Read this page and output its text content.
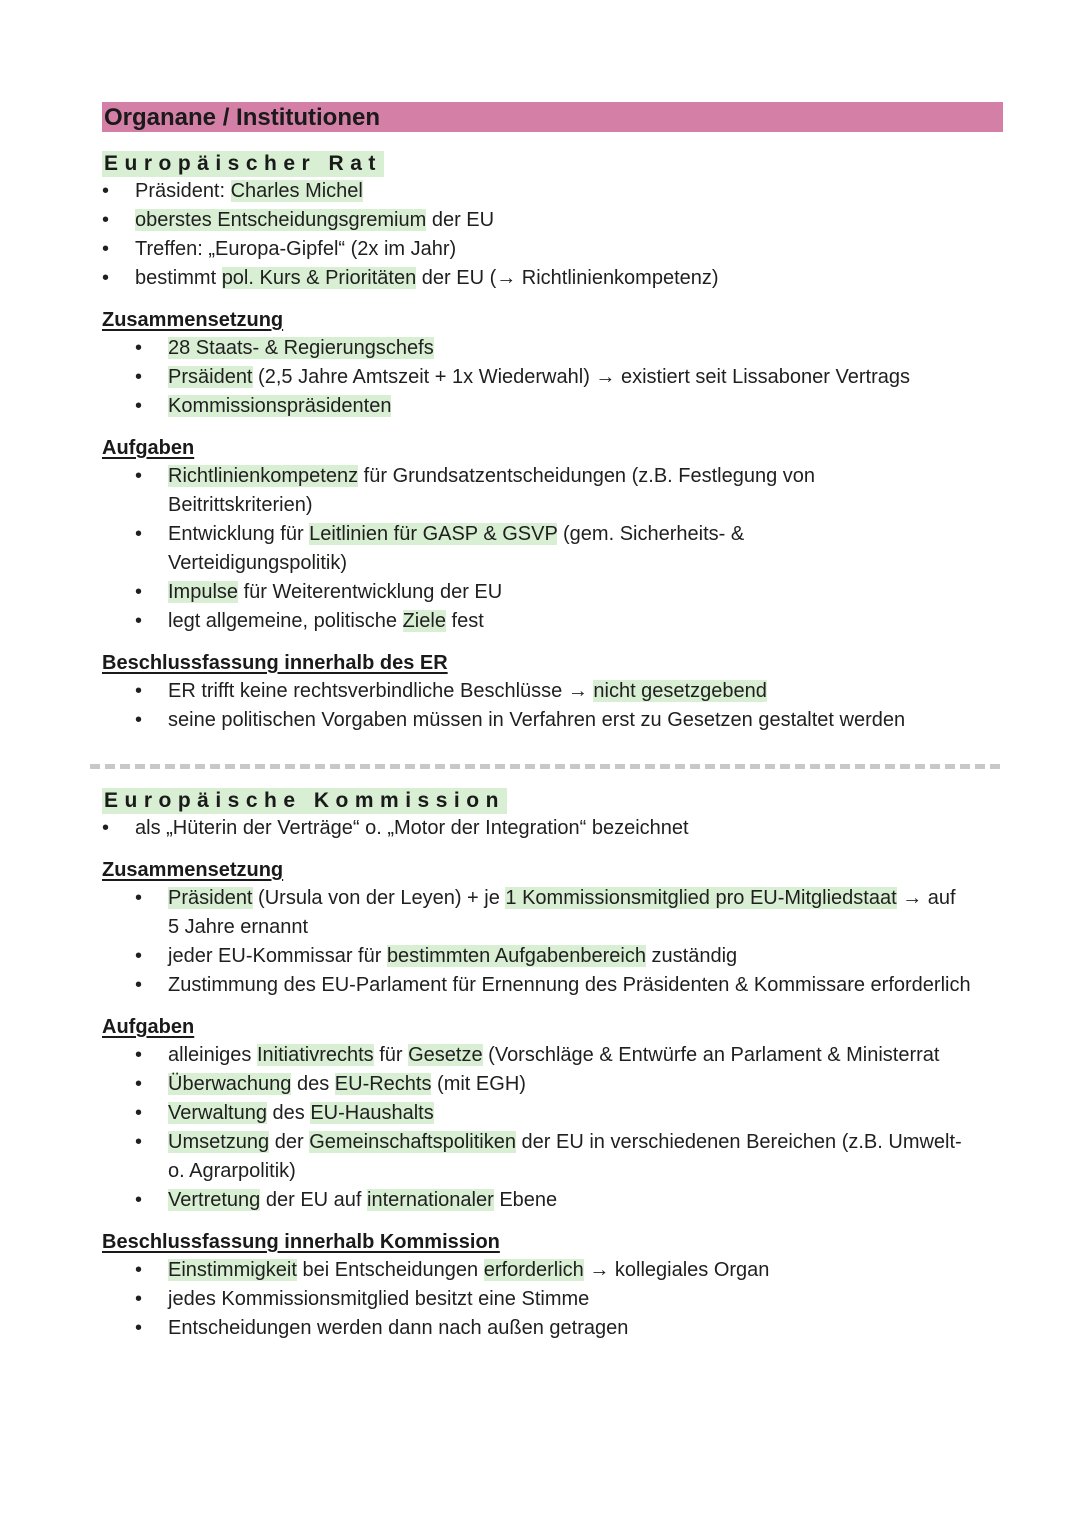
Organane / Institutionen
Europäischer Rat
• Präsident: Charles Michel
• oberstes Entscheidungsgremium der EU
• Treffen: „Europa-Gipfel“ (2x im Jahr)
• bestimmt pol. Kurs & Prioritäten der EU (→ Richtlinienkompetenz)
Zusammensetzung
• 28 Staats- & Regierungschefs
• Prsäident (2,5 Jahre Amtszeit + 1x Wiederwahl) → existiert seit Lissaboner Vertrags
• Kommissionspräsidenten
Aufgaben
• Richtlinienkompetenz für Grundsatzentscheidungen (z.B. Festlegung von Beitrittskriterien)
• Entwicklung für Leitlinien für GASP & GSVP (gem. Sicherheits- & Verteidigungspolitik)
• Impulse für Weiterentwicklung der EU
• legt allgemeine, politische Ziele fest
Beschlussfassung innerhalb des ER
• ER trifft keine rechtsverbindliche Beschlüsse → nicht gesetzgebend
• seine politischen Vorgaben müssen in Verfahren erst zu Gesetzen gestaltet werden
Europäische Kommission
• als „Hüterin der Verträge“ o. „Motor der Integration“ bezeichnet
Zusammensetzung
• Präsident (Ursula von der Leyen) + je 1 Kommissionsmitglied pro EU-Mitgliedstaat → auf 5 Jahre ernannt
• jeder EU-Kommissar für bestimmten Aufgabenbereich zuständig
• Zustimmung des EU-Parlament für Ernennung des Präsidenten & Kommissare erforderlich
Aufgaben
• alleiniges Initiativrechts für Gesetze (Vorschläge & Entwürfe an Parlament & Ministerrat
• Überwachung des EU-Rechts (mit EGH)
• Verwaltung des EU-Haushalts
• Umsetzung der Gemeinschaftspolitiken der EU in verschiedenen Bereichen (z.B. Umwelt- o. Agrarpolitik)
• Vertretung der EU auf internationaler Ebene
Beschlussfassung innerhalb Kommission
• Einstimmigkeit bei Entscheidungen erforderlich → kollegiales Organ
• jedes Kommissionsmitglied besitzt eine Stimme
• Entscheidungen werden dann nach außen getragen
